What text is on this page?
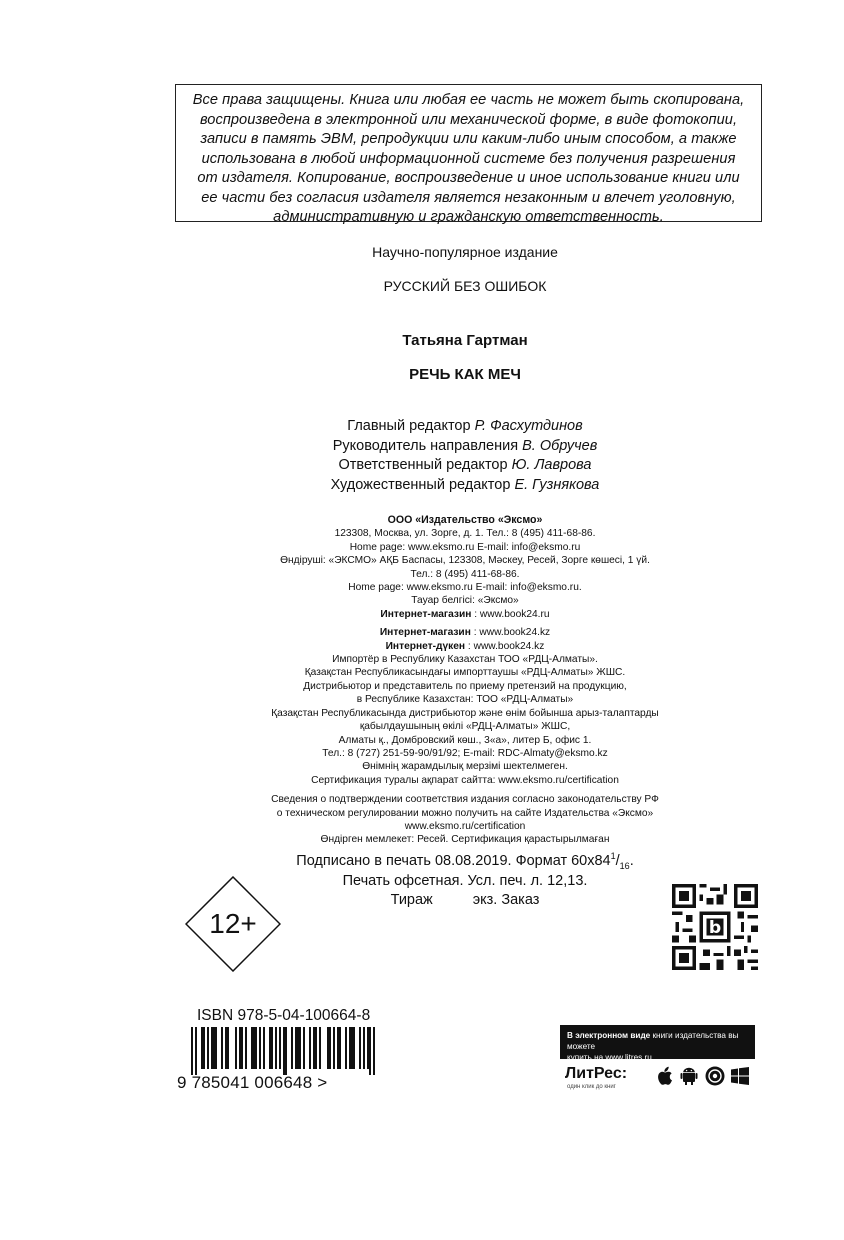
Все права защищены. Книга или любая ее часть не может быть скопирована,
воспроизведена в электронной или механической форме, в виде фотокопии,
записи в память ЭВМ, репродукции или каким-либо иным способом, а также
использована в любой информационной системе без получения разрешения
от издателя. Копирование, воспроизведение и иное использование книги или
ее части без согласия издателя является незаконным и влечет уголовную,
административную и гражданскую ответственность.
Научно-популярное издание
РУССКИЙ БЕЗ ОШИБОК
Татьяна Гартман
РЕЧЬ КАК МЕЧ
Главный редактор Р. Фасхутдинов
Руководитель направления В. Обручев
Ответственный редактор Ю. Лаврова
Художественный редактор Е. Гузнякова
ООО «Издательство «Эксмо»
123308, Москва, ул. Зорге, д. 1. Тел.: 8 (495) 411-68-86.
Home page: www.eksmo.ru E-mail: info@eksmo.ru
Өндіруші: «ЭКСМО» АҚБ Баспасы, 123308, Мәскеу, Ресей, Зорге көшесі, 1 үй.
Тел.: 8 (495) 411-68-86.
Home page: www.eksmo.ru E-mail: info@eksmo.ru.
Тауар белгісі: «Эксмо»
Интернет-магазин : www.book24.ru
Интернет-магазин : www.book24.kz
Интернет-дүкен : www.book24.kz
Импортёр в Республику Казахстан ТОО «РДЦ-Алматы».
Қазақстан Республикасындағы импорттаушы «РДЦ-Алматы» ЖШС.
Дистрибьютор и представитель по приему претензий на продукцию,
в Республике Казахстан: ТОО «РДЦ-Алматы»
Қазақстан Республикасында дистрибьютор және өнім бойынша арыз-талаптарды
қабылдаушының өкілі «РДЦ-Алматы» ЖШС,
Алматы қ., Домбровский көш., 3«а», литер Б, офис 1.
Тел.: 8 (727) 251-59-90/91/92; E-mail: RDC-Almaty@eksmo.kz
Өнімнің жарамдылық мерзімі шектелмеген.
Сертификация туралы ақпарат сайтта: www.eksmo.ru/certification
Сведения о подтверждении соответствия издания согласно законодательству РФ
о техническом регулировании можно получить на сайте Издательства «Эксмо»
www.eksmo.ru/certification
Өндірген мемлекет: Ресей. Сертификация қарастырылмаған
Подписано в печать 08.08.2019. Формат $60x84^1/_{16}$.
Печать офсетная. Усл. печ. л. 12,13.
Тираж	экз. Заказ
12+	b
ISBN 978-5-04-100664-8
9 785041 006648 >
В электронном виде книги издательства вы можете
купить на www.litres.ru
ЛитРес:
один клик до книг
